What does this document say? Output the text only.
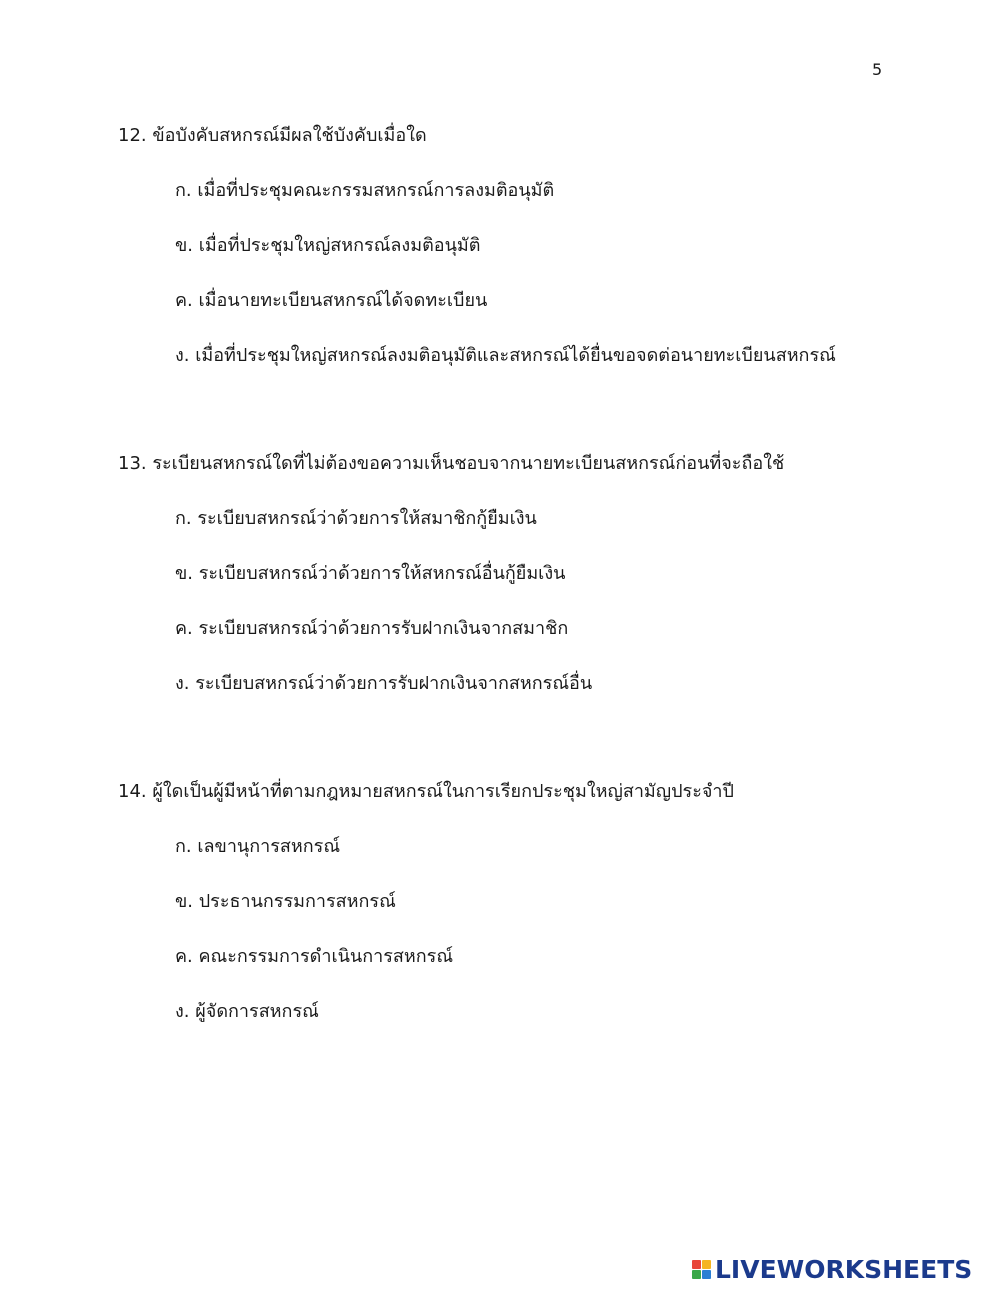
5

12. ข้อบังคับสหกรณ์มีผลใช้บังคับเมื่อใด

ก. เมื่อที่ประชุมคณะกรรมสหกรณ์การลงมติอนุมัติ

ข. เมื่อที่ประชุมใหญ่สหกรณ์ลงมติอนุมัติ

ค. เมื่อนายทะเบียนสหกรณ์ได้จดทะเบียน

ง. เมื่อที่ประชุมใหญ่สหกรณ์ลงมติอนุมัติและสหกรณ์ได้ยื่นขอจดต่อนายทะเบียนสหกรณ์

13. ระเบียนสหกรณ์ใดที่ไม่ต้องขอความเห็นชอบจากนายทะเบียนสหกรณ์ก่อนที่จะถือใช้

ก. ระเบียบสหกรณ์ว่าด้วยการให้สมาชิกกู้ยืมเงิน

ข. ระเบียบสหกรณ์ว่าด้วยการให้สหกรณ์อื่นกู้ยืมเงิน

ค. ระเบียบสหกรณ์ว่าด้วยการรับฝากเงินจากสมาชิก

ง. ระเบียบสหกรณ์ว่าด้วยการรับฝากเงินจากสหกรณ์อื่น

14. ผู้ใดเป็นผู้มีหน้าที่ตามกฎหมายสหกรณ์ในการเรียกประชุมใหญ่สามัญประจำปี

ก. เลขานุการสหกรณ์

ข. ประธานกรรมการสหกรณ์

ค. คณะกรรมการดำเนินการสหกรณ์

ง. ผู้จัดการสหกรณ์

LIVEWORKSHEETS
